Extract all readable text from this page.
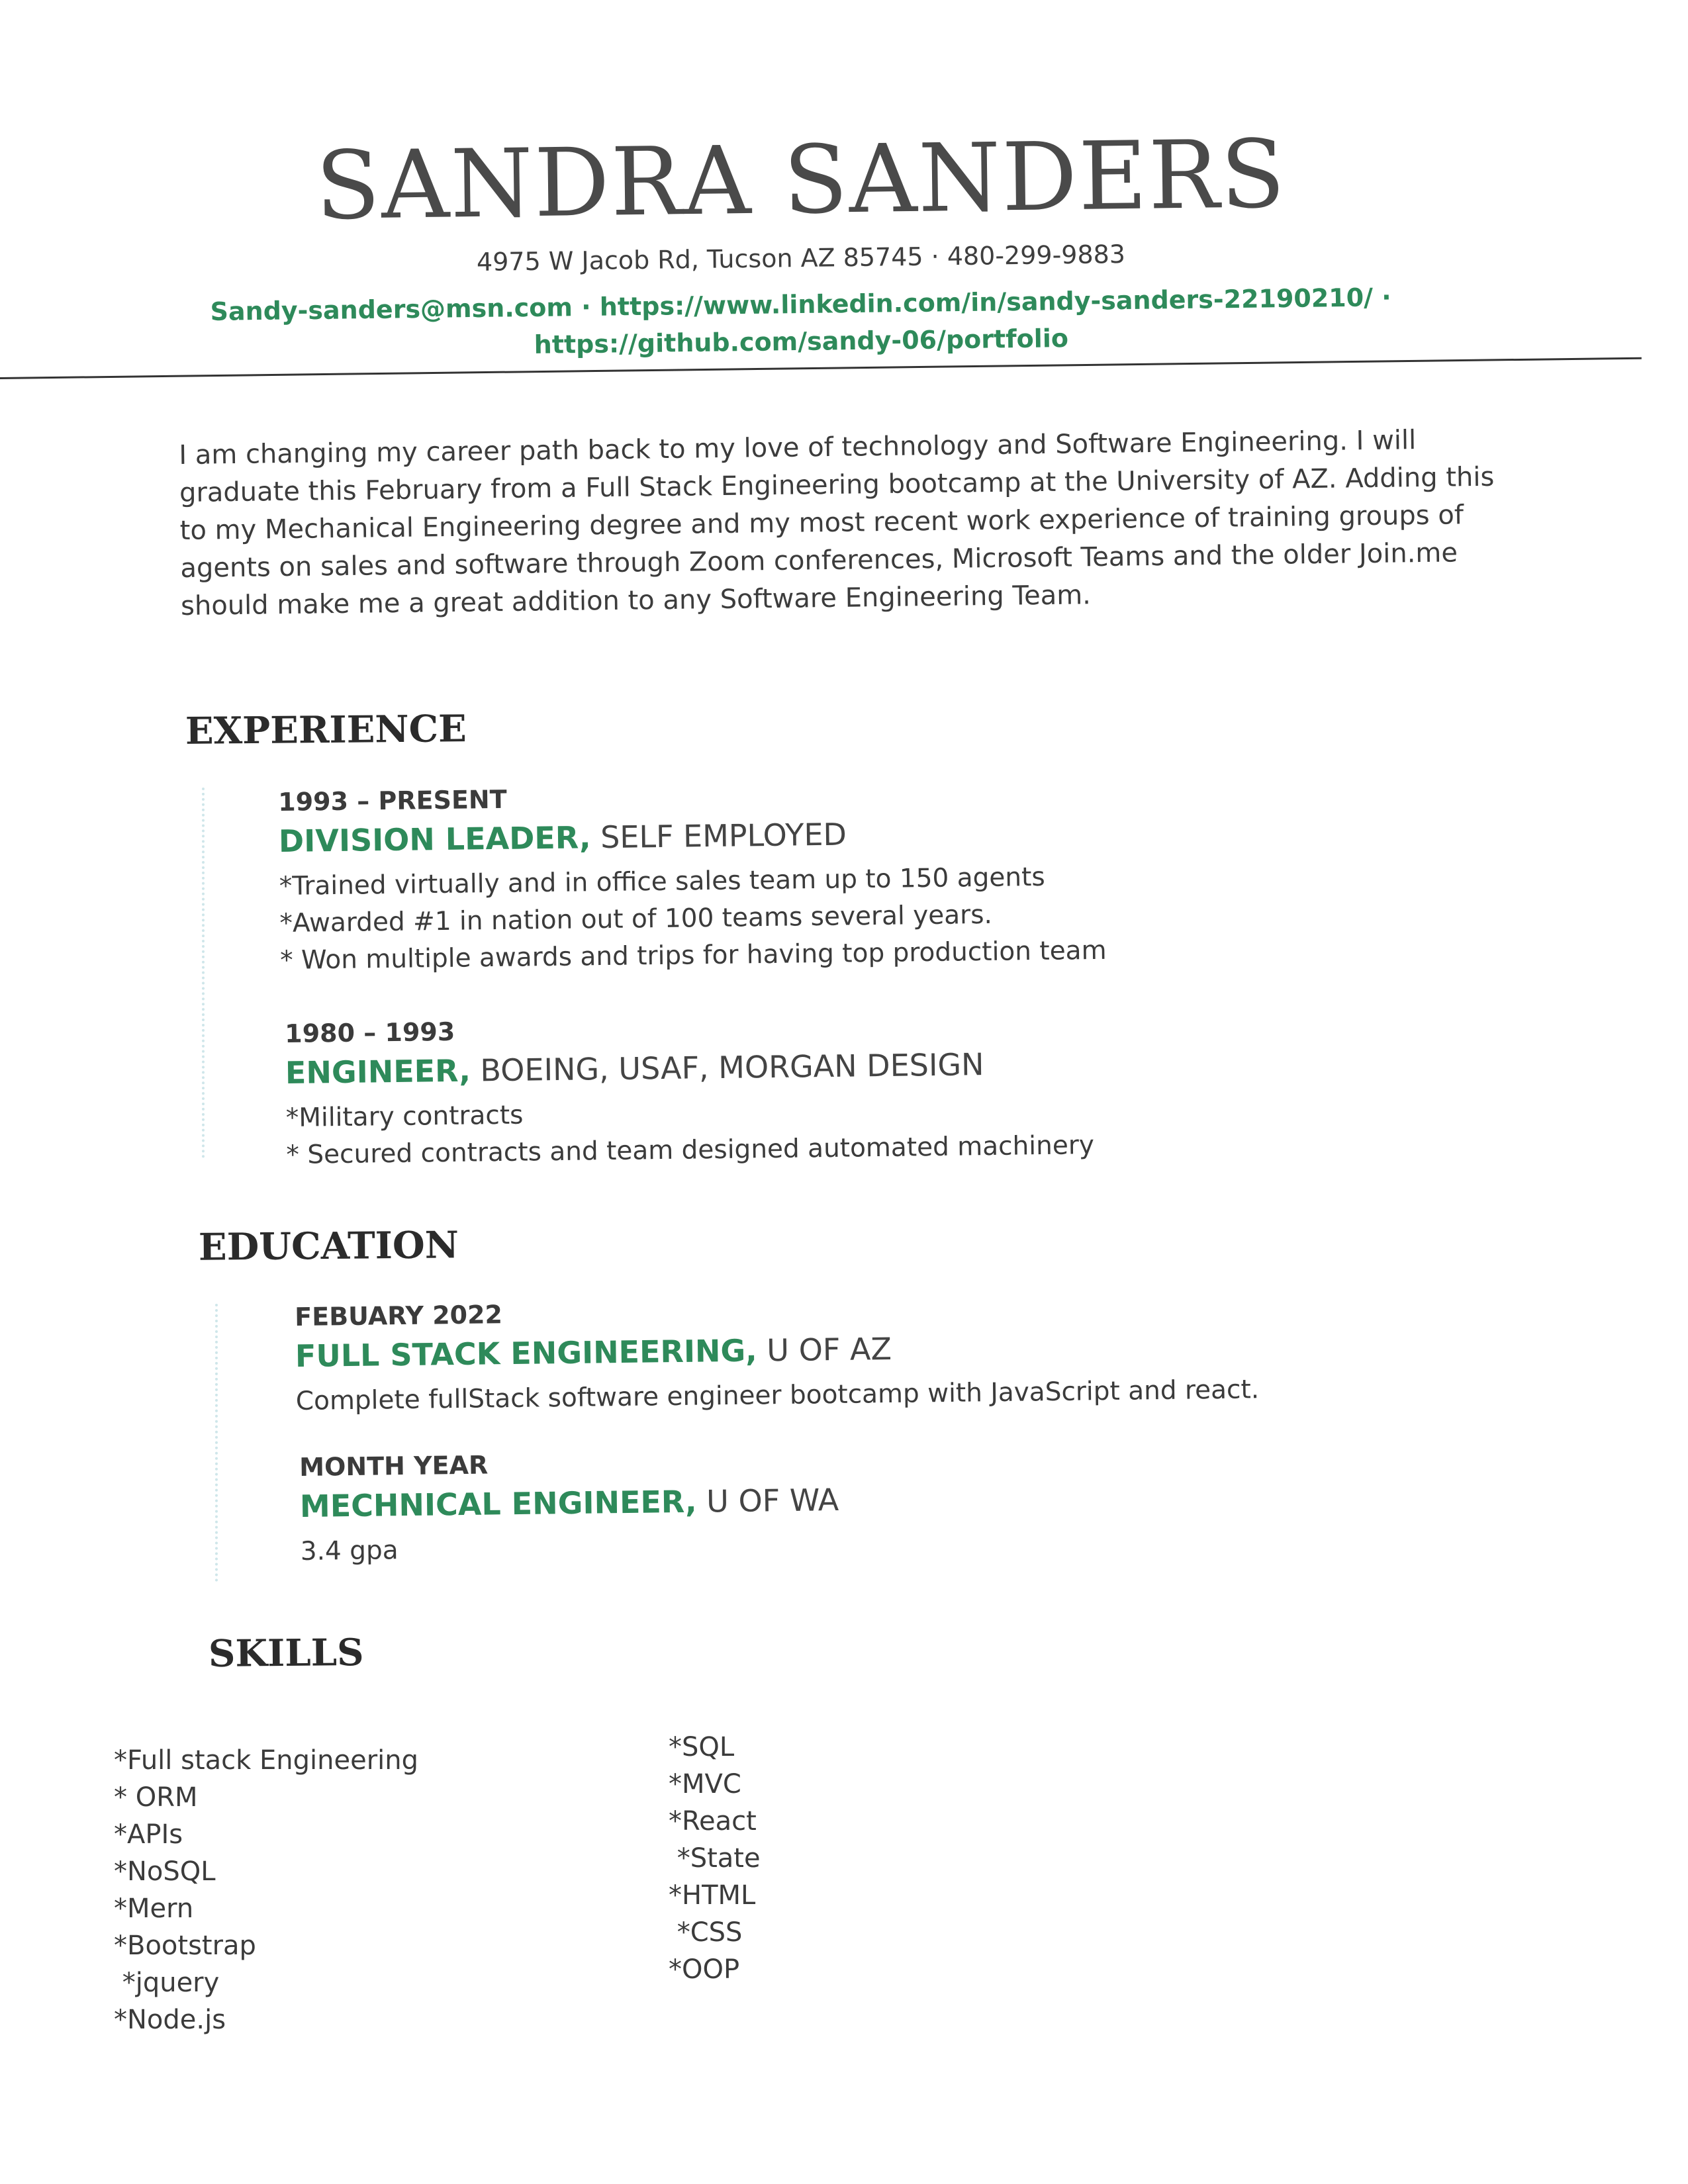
SANDRA SANDERS
4975 W Jacob Rd, Tucson AZ 85745 · 480-299-9883
Sandy-sanders@msn.com · https://www.linkedin.com/in/sandy-sanders-22190210/ ·
https://github.com/sandy-06/portfolio

I am changing my career path back to my love of technology and Software Engineering. I will graduate this February from a Full Stack Engineering bootcamp at the University of AZ. Adding this to my Mechanical Engineering degree and my most recent work experience of training groups of agents on sales and software through Zoom conferences, Microsoft Teams and the older Join.me should make me a great addition to any Software Engineering Team.

EXPERIENCE

1993 – PRESENT

DIVISION LEADER, SELF EMPLOYED

*Trained virtually and in office sales team up to 150 agents

*Awarded #1 in nation out of 100 teams several years.

* Won multiple awards and trips for having top production team

1980 – 1993

ENGINEER, BOEING, USAF, MORGAN DESIGN

*Military contracts

* Secured contracts and team designed automated machinery

EDUCATION

FEBUARY 2022

FULL STACK ENGINEERING, U OF AZ

Complete fullStack software engineer bootcamp with JavaScript and react.

MONTH YEAR

MECHNICAL ENGINEER, U OF WA

3.4 gpa

SKILLS
*Full stack Engineering
* ORM
*APIs
*NoSQL
*Mern
*Bootstrap
*jquery
*Node.js
*SQL
*MVC
*React
*State
*HTML
*CSS
*OOP
